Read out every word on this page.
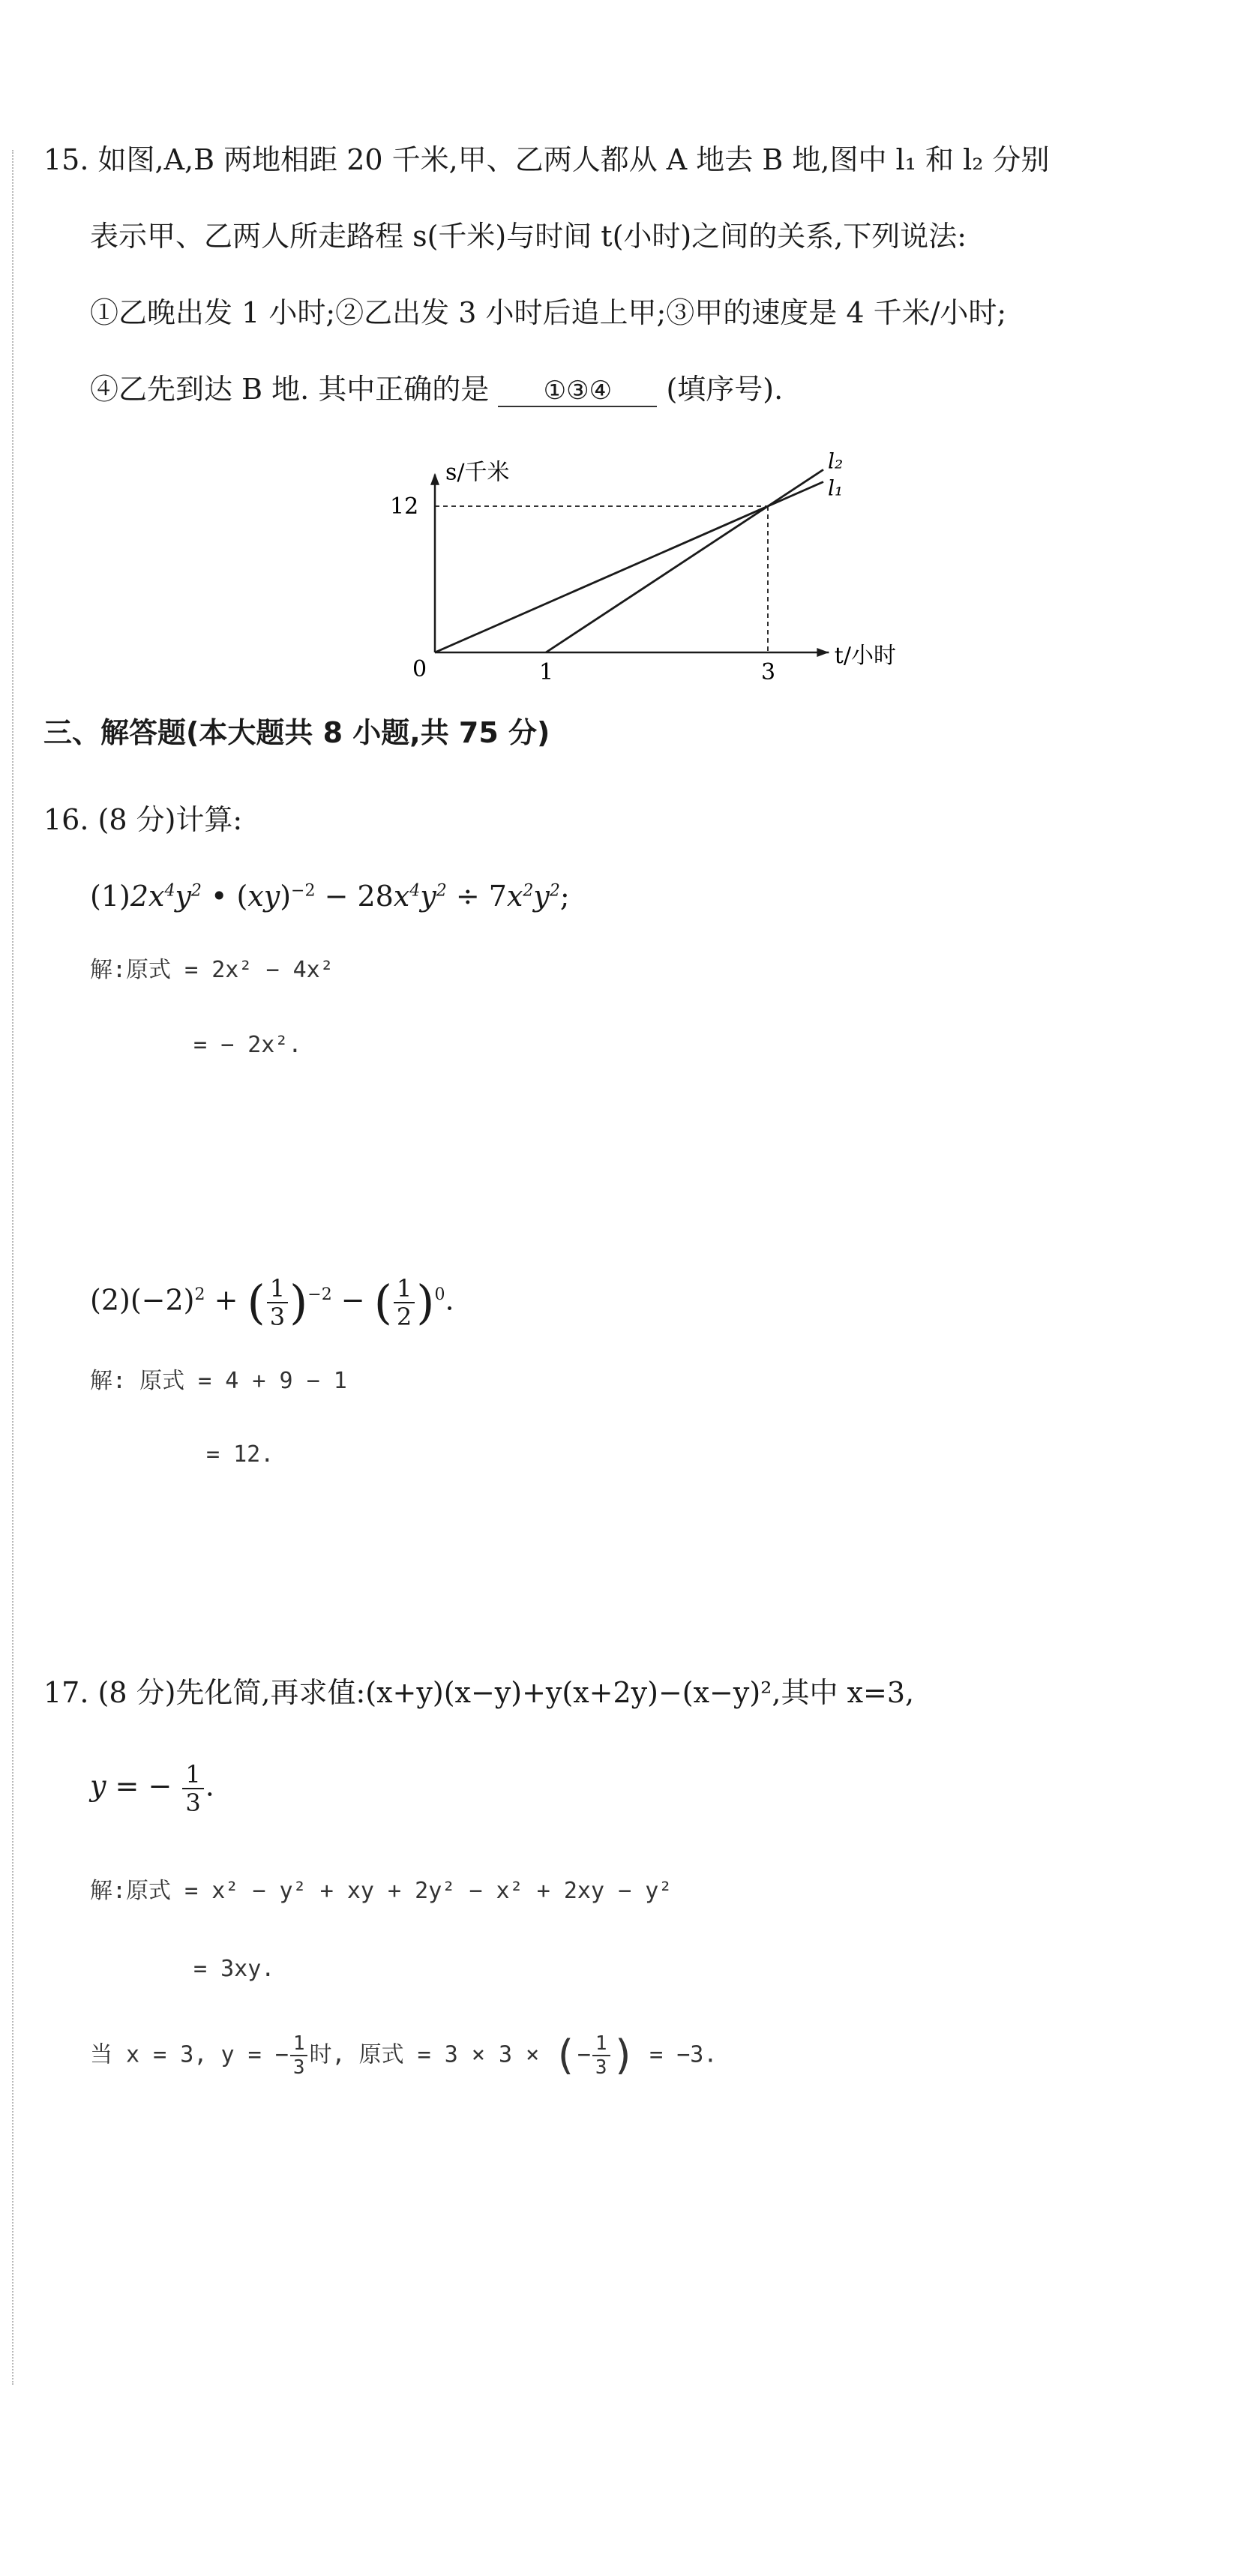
15. 如图,A,B 两地相距 20 千米,甲、乙两人都从 A 地去 B 地,图中 l₁ 和 l₂ 分别
表示甲、乙两人所走路程 s(千米)与时间 t(小时)之间的关系,下列说法:
①乙晚出发 1 小时;②乙出发 3 小时后追上甲;③甲的速度是 4 千米/小时;
④乙先到达 B 地. 其中正确的是 ①③④ (填序号).
s/千米
t/小时
0	1	3
12
l₁
l₂
三、解答题(本大题共 8 小题,共 75 分)
16. (8 分)计算:
$(1)2x^4y^2$ • $(xy)^{-2} - 28x^4y^2 \div 7x^2y^2$;
解:原式 = 2x² − 4x²
= − 2x².
$(2)(-2)^2$ + ( $\frac{1}{3} )^{-2}$ − ( $\frac{1}{2} )^0$.
解: 原式 = 4 + 9 − 1
= 12.
17. (8 分)先化简,再求值:(x+y)(x−y)+y(x+2y)−(x−y)²,其中 x=3,
y = − $\frac{1}{3}$ .
解:原式 = x² − y² + xy + 2y² − x² + 2xy − y²
= 3xy.
当 x = 3, y = − $\frac{1}{3}$ 时, 原式 = 3 × 3 × (− $\frac{1}{3}$ ) = −3.
